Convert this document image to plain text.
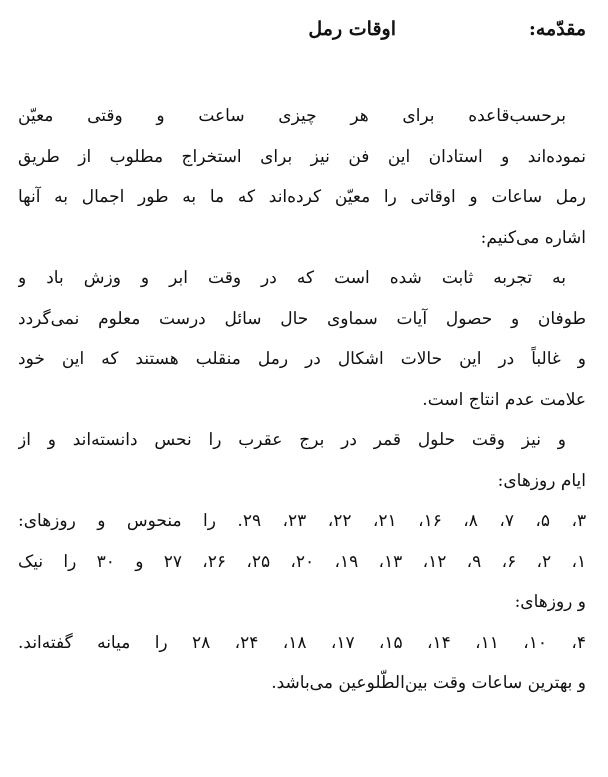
مقدّمه:
اوقات رمل
برحسب‌قاعده برای هر چیزی ساعت و وقتی معیّن
نموده‌اند و استادان این فن نیز برای استخراج مطلوب از طریق
رمل ساعات و اوقاتی را معیّن کرده‌اند که ما به طور اجمال به آنها
اشاره می‌کنیم:
به تجربه ثابت شده است که در وقت ابر و وزش باد و
طوفان و حصول آیات سماوی حال سائل درست معلوم نمی‌گردد
و غالباً در این حالات اشکال در رمل منقلب هستند که این خود
علامت عدم انتاج است.
و نیز وقت حلول قمر در برج عقرب را نحس دانسته‌اند و از
ایام روزهای:
۳، ۵، ۷، ۸، ۱۶، ۲۱، ۲۲، ۲۳، ۲۹. را منحوس و روزهای:
۱، ۲، ۶، ۹، ۱۲، ۱۳، ۱۹، ۲۰، ۲۵، ۲۶، ۲۷ و ۳۰ را نیک
و روزهای:
۴، ۱۰، ۱۱، ۱۴، ۱۵، ۱۷، ۱۸، ۲۴، ۲۸ را میانه گفته‌اند.
و بهترین ساعات وقت بین‌الطّلوعین می‌باشد.
